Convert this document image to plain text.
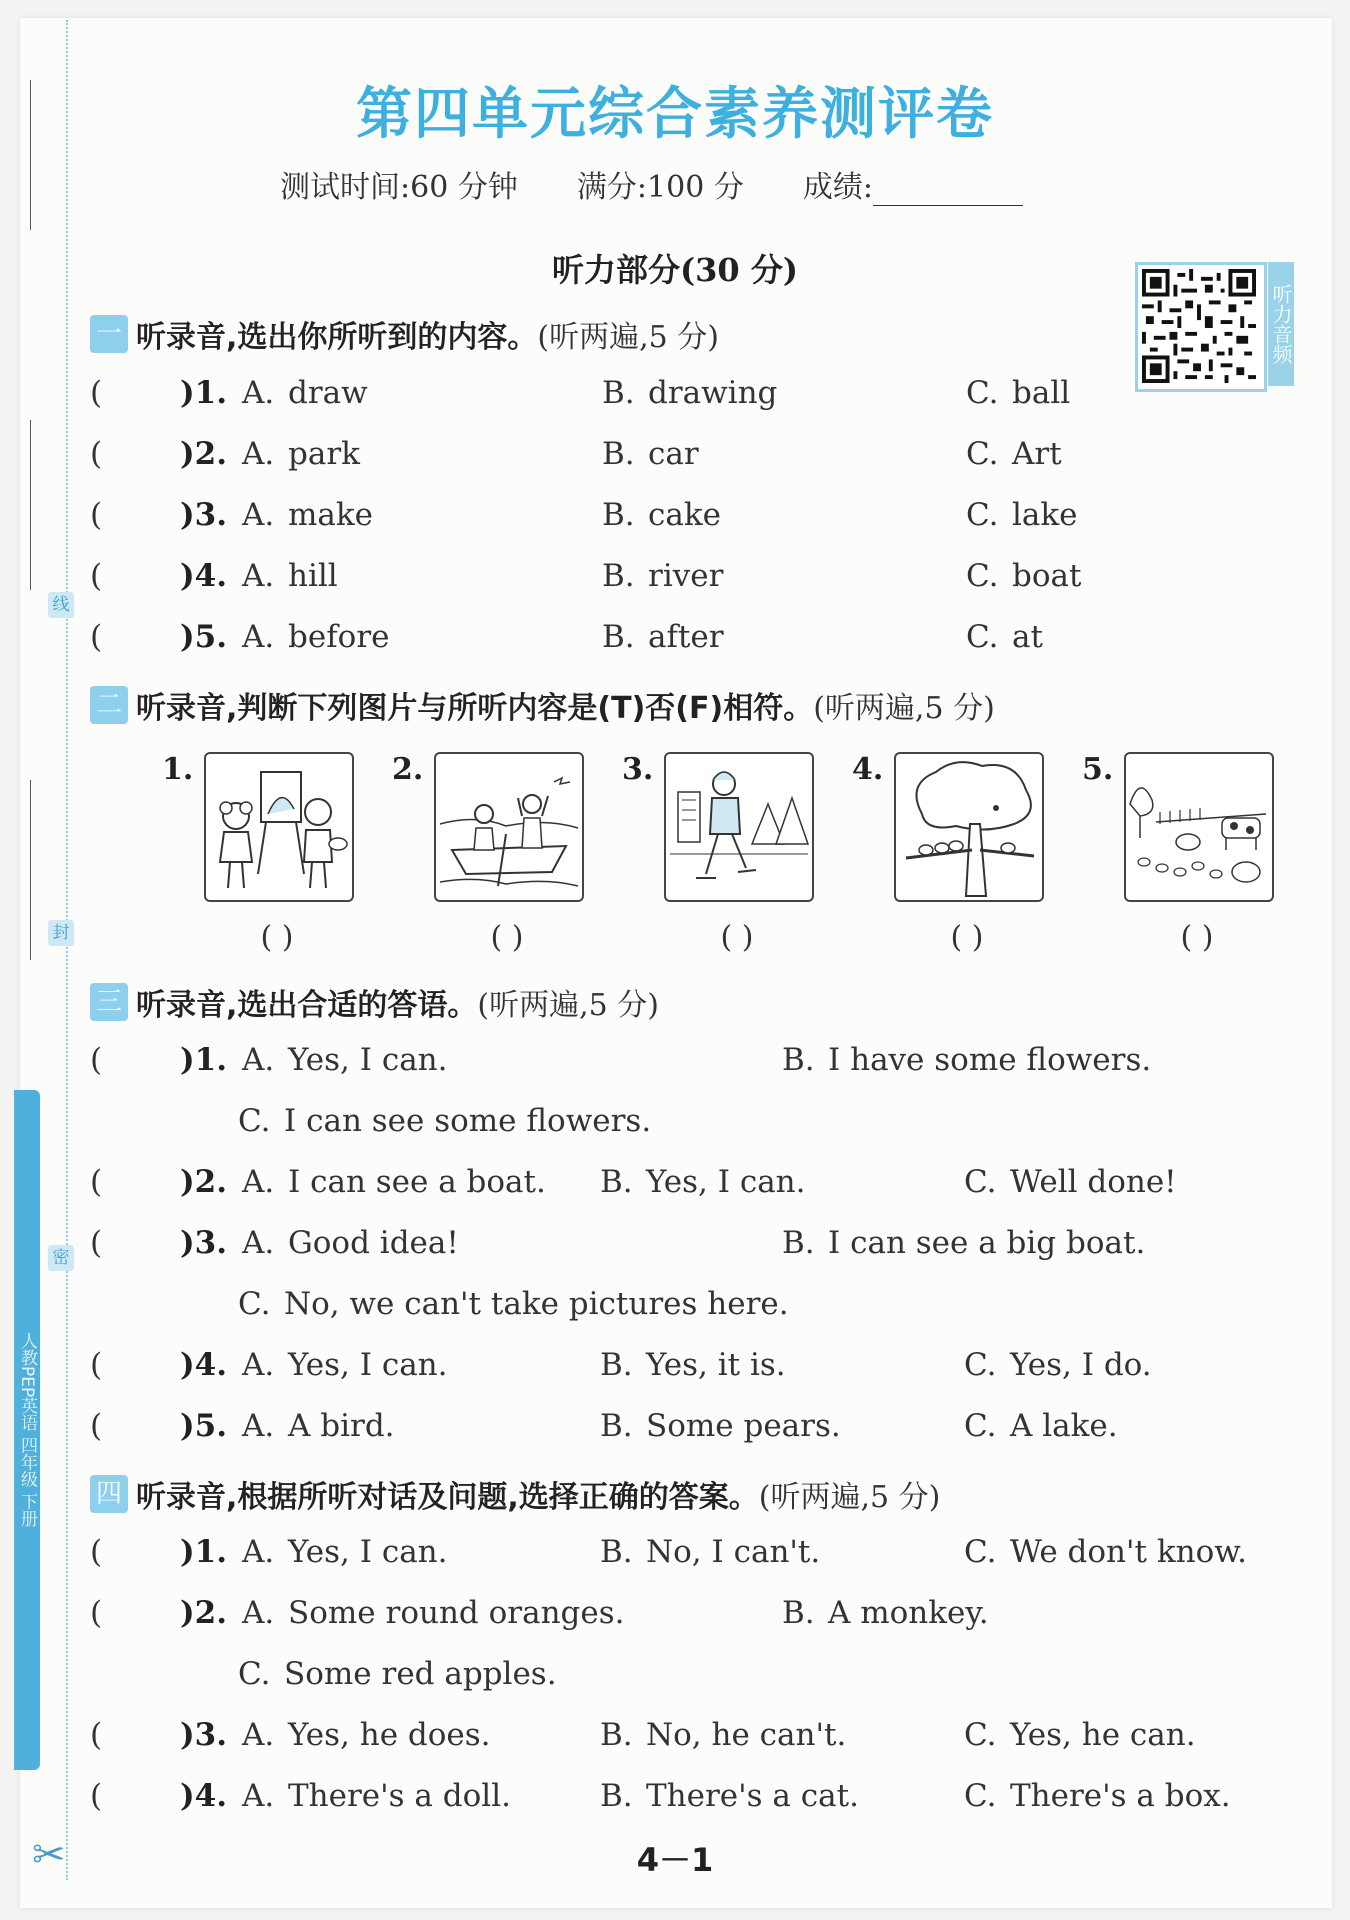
线
封
密
人教PEP英语 四年级 下册
✂
第四单元综合素养测评卷
测试时间:60 分钟 满分:100 分 成绩:
听力部分(30 分)
听力音频
一 听录音,选出你所听到的内容。(听两遍,5 分)
(	)1. A. draw	B. drawing	C. ball
(	)2. A. park	B. car	C. Art
(	)3. A. make	B. cake	C. lake
(	)4. A. hill	B. river	C. boat
(	)5. A. before	B. after	C. at
二 听录音,判断下列图片与所听内容是(T)否(F)相符。(听两遍,5 分)
1.
( )
2.
( )
3.
( )
4.
( )
5.
( )
三 听录音,选出合适的答语。(听两遍,5 分)
(	)1. A. Yes, I can.	B. I have some flowers.
C. I can see some flowers.
(	)2. A. I can see a boat. B. Yes, I can.	C. Well done!
(	)3. A. Good idea!	B. I can see a big boat.
C. No, we can't take pictures here.
(	)4. A. Yes, I can.	B. Yes, it is.	C. Yes, I do.
(	)5. A. A bird.	B. Some pears.	C. A lake.
四 听录音,根据所听对话及问题,选择正确的答案。(听两遍,5 分)
(	)1. A. Yes, I can.	B. No, I can't.	C. We don't know.
(	)2. A. Some round oranges.	B. A monkey.
C. Some red apples.
(	)3. A. Yes, he does.	B. No, he can't.	C. Yes, he can.
(	)4. A. There's a doll.	B. There's a cat.	C. There's a box.
4－1
